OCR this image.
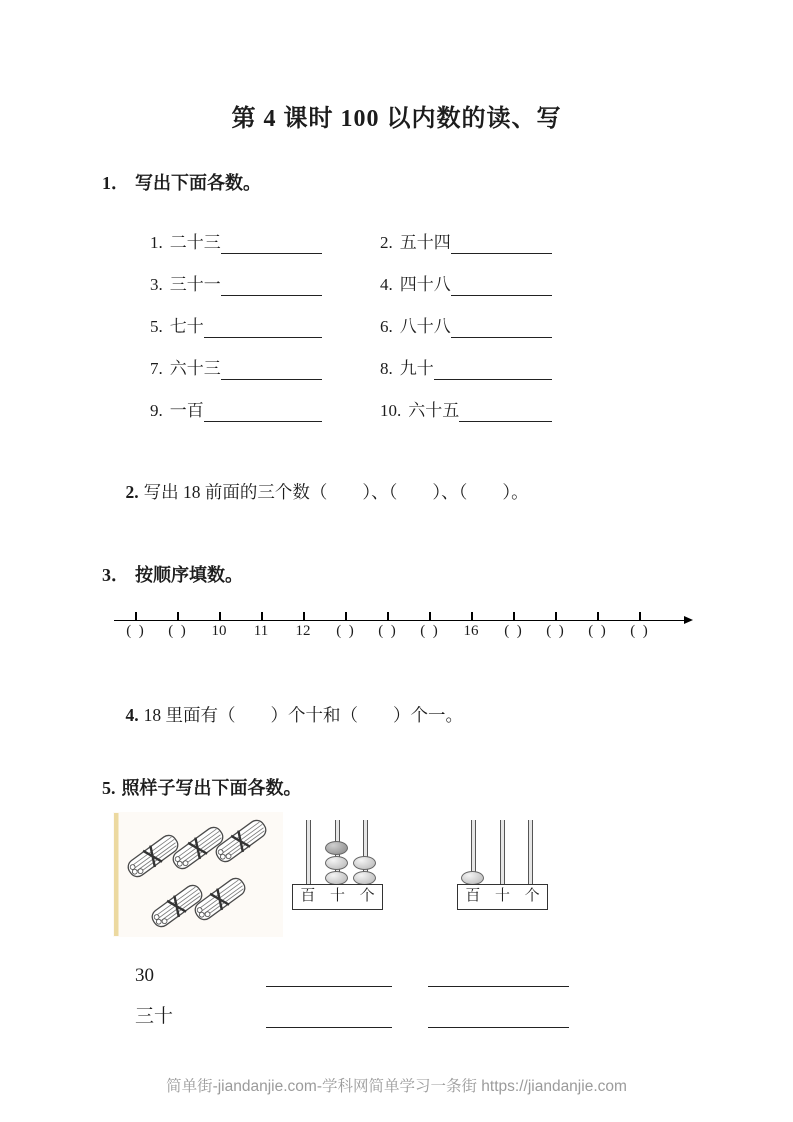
第 4 课时 100 以内数的读、写
1． 写出下面各数。
1. 二十三	2. 五十四
3. 三十一	4. 四十八
5. 七十	6. 八十八
7. 六十三	8. 九十
9. 一百	10. 六十五

2. 写出 18 前面的三个数（　　）、（　　）、（　　）。

3． 按顺序填数。
(  )	(  )	10	11	12	(  )	(  )	(  )	16	(  )	(  )	(  )	(  )

4. 18 里面有（　　）个十和（　　）个一。

5. 照样子写出下面各数。
百 十 个	百 十 个
30
三十
简单街-jiandanjie.com-学科网简单学习一条街 https://jiandanjie.com
